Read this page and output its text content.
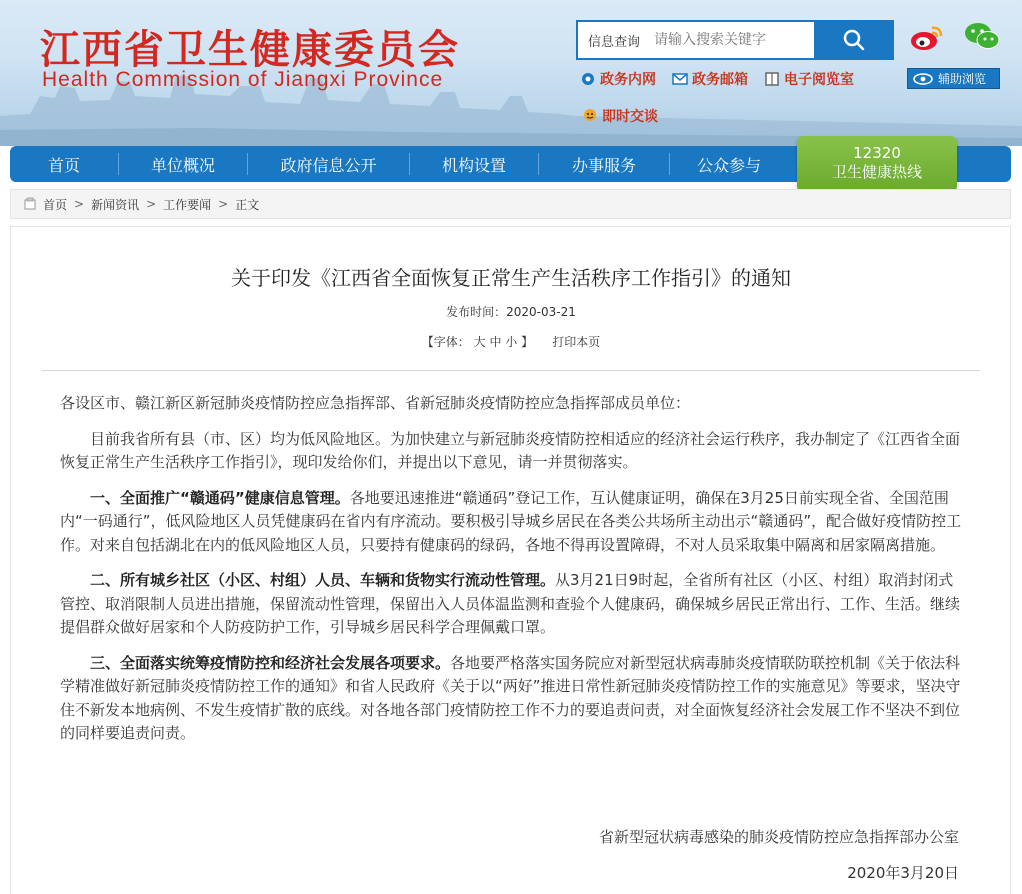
江西省卫生健康委员会
Health Commission of Jiangxi Province
信息查询
请输入搜索关键字
政务内网	政务邮箱	电子阅览室	辅助浏览
即时交谈
首页	单位概况	政府信息公开	机构设置	办事服务	公众参与
12320
卫生健康热线
首页 > 新闻资讯 > 工作要闻 > 正文
关于印发《江西省全面恢复正常生产生活秩序工作指引》的通知
发布时间：2020-03-21
【字体： 大 中 小 】 打印本页

各设区市、赣江新区新冠肺炎疫情防控应急指挥部、省新冠肺炎疫情防控应急指挥部成员单位：

目前我省所有县（市、区）均为低风险地区。为加快建立与新冠肺炎疫情防控相适应的经济社会运行秩序，我办制定了《江西省全面恢复正常生产生活秩序工作指引》，现印发给你们，并提出以下意见，请一并贯彻落实。

一、全面推广“赣通码”健康信息管理。各地要迅速推进“赣通码”登记工作，互认健康证明，确保在3月25日前实现全省、全国范围内“一码通行”，低风险地区人员凭健康码在省内有序流动。要积极引导城乡居民在各类公共场所主动出示“赣通码”，配合做好疫情防控工作。对来自包括湖北在内的低风险地区人员，只要持有健康码的绿码，各地不得再设置障碍，不对人员采取集中隔离和居家隔离措施。

二、所有城乡社区（小区、村组）人员、车辆和货物实行流动性管理。从3月21日9时起，全省所有社区（小区、村组）取消封闭式管控、取消限制人员进出措施，保留流动性管理，保留出入人员体温监测和查验个人健康码，确保城乡居民正常出行、工作、生活。继续提倡群众做好居家和个人防疫防护工作，引导城乡居民科学合理佩戴口罩。

三、全面落实统筹疫情防控和经济社会发展各项要求。各地要严格落实国务院应对新型冠状病毒肺炎疫情联防联控机制《关于依法科学精准做好新冠肺炎疫情防控工作的通知》和省人民政府《关于以“两好”推进日常性新冠肺炎疫情防控工作的实施意见》等要求，坚决守住不新发本地病例、不发生疫情扩散的底线。对各地各部门疫情防控工作不力的要追责问责，对全面恢复经济社会发展工作不坚决不到位的同样要追责问责。

省新型冠状病毒感染的肺炎疫情防控应急指挥部办公室
2020年3月20日
